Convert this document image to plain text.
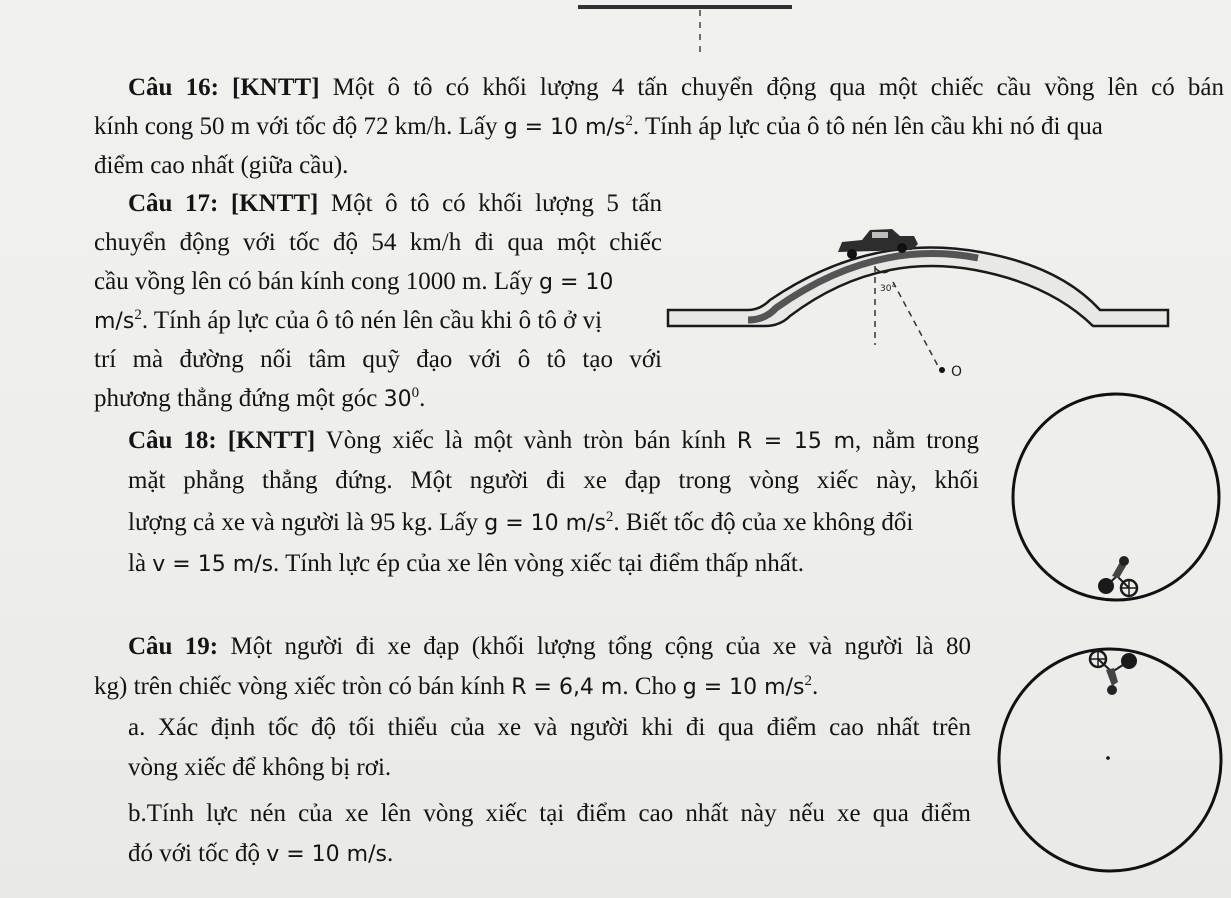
Câu 16: [KNTT] Một ô tô có khối lượng 4 tấn chuyển động qua một chiếc cầu vồng lên có bán
kính cong 50 m với tốc độ 72 km/h. Lấy g = 10 $m/s^2$. Tính áp lực của ô tô nén lên cầu khi nó đi qua
điểm cao nhất (giữa cầu).
Câu 17: [KNTT] Một ô tô có khối lượng 5 tấn
chuyển động với tốc độ 54 km/h đi qua một chiếc
cầu vồng lên có bán kính cong 1000 m. Lấy g = 10
$m/s^2$. Tính áp lực của ô tô nén lên cầu khi ô tô ở vị
trí mà đường nối tâm quỹ đạo với ô tô tạo với
phương thẳng đứng một góc $30^0$.
30°
O
Câu 18: [KNTT] Vòng xiếc là một vành tròn bán kính R = 15 m, nằm trong
mặt phẳng thẳng đứng. Một người đi xe đạp trong vòng xiếc này, khối
lượng cả xe và người là 95 kg. Lấy g = 10 $m/s^2$. Biết tốc độ của xe không đổi
là v = 15 m/s. Tính lực ép của xe lên vòng xiếc tại điểm thấp nhất.
Câu 19: Một người đi xe đạp (khối lượng tổng cộng của xe và người là 80
kg) trên chiếc vòng xiếc tròn có bán kính R = 6,4 m. Cho g = 10 $m/s^2$.
a. Xác định tốc độ tối thiểu của xe và người khi đi qua điểm cao nhất trên
vòng xiếc để không bị rơi.
b.Tính lực nén của xe lên vòng xiếc tại điểm cao nhất này nếu xe qua điểm
đó với tốc độ v = 10 m/s.
